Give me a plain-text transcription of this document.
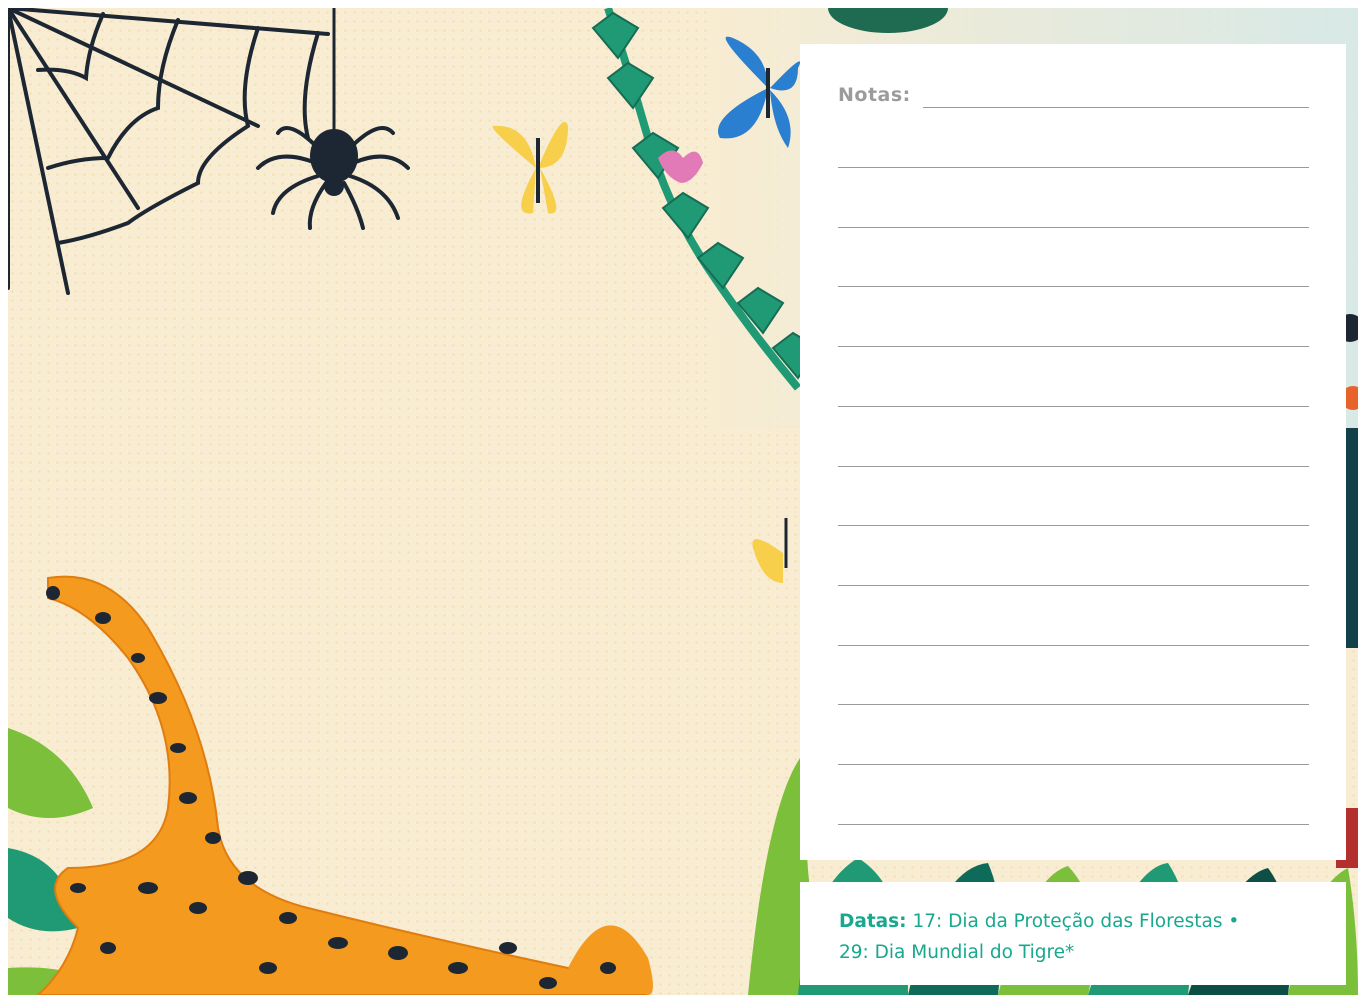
Notas:
Datas: 17: Dia da Proteção das Florestas •
29: Dia Mundial do Tigre*
